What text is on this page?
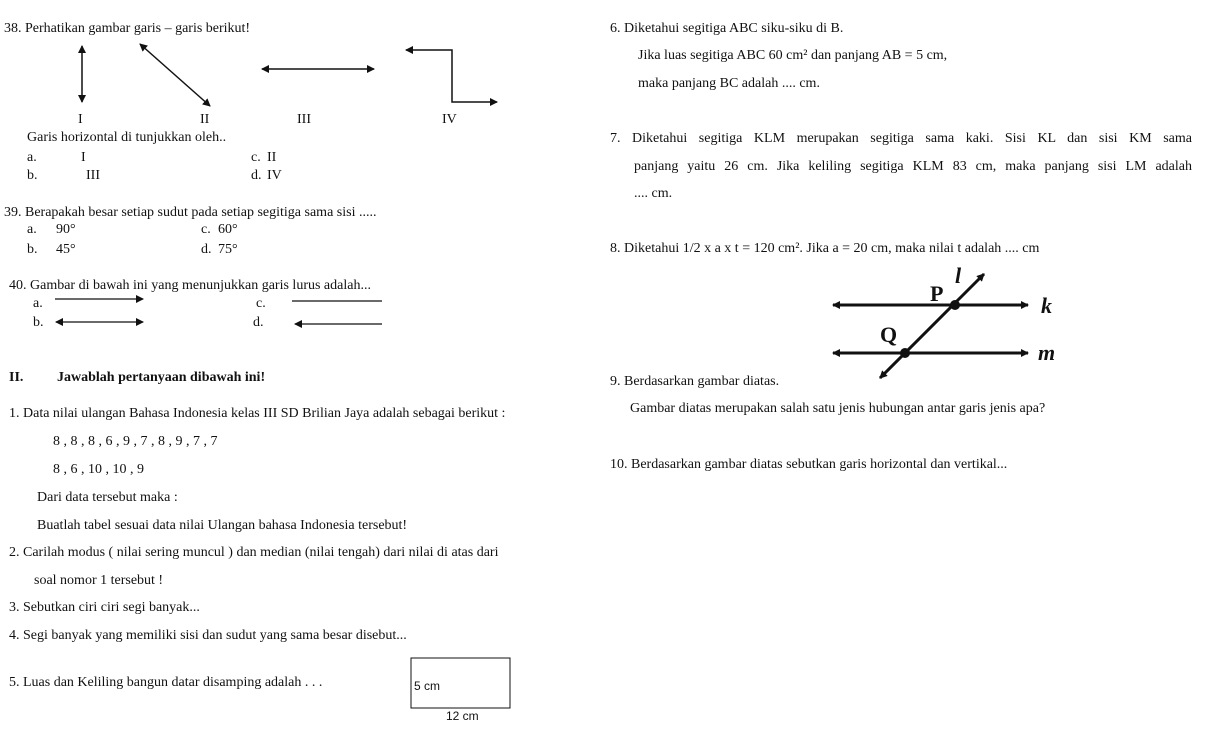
38. Perhatikan gambar garis – garis berikut!
I	II	III	IV
Garis horizontal di tunjukkan oleh..
a.	I	c. II
b.	III	d. IV
39. Berapakah besar setiap sudut pada setiap segitiga sama sisi .....
a. 90°	c. 60°
b. 45°	d. 75°
40. Gambar di bawah ini yang menunjukkan garis lurus adalah...
a.	c.
b.	d.
II. Jawablah pertanyaan dibawah ini!
1. Data nilai ulangan Bahasa Indonesia kelas III SD Brilian Jaya adalah sebagai berikut :
8 , 8 , 8 , 6 , 9 , 7 , 8 , 9 , 7 , 7
8 , 6 , 10 , 10 , 9
Dari data tersebut maka :
Buatlah tabel sesuai data nilai Ulangan bahasa Indonesia tersebut!
2. Carilah modus ( nilai sering muncul ) dan median (nilai tengah) dari nilai di atas dari
soal nomor 1 tersebut !
3. Sebutkan ciri ciri segi banyak...
4. Segi banyak yang memiliki sisi dan sudut yang sama besar disebut...
5. Luas dan Keliling bangun datar disamping adalah . . .	5 cm
12 cm
6. Diketahui segitiga ABC siku-siku di B.
Jika luas segitiga ABC 60 cm² dan panjang AB = 5 cm,
maka panjang BC adalah .... cm.
7. Diketahui segitiga KLM merupakan segitiga sama kaki. Sisi KL dan sisi KM sama
panjang yaitu 26 cm. Jika keliling segitiga KLM 83 cm, maka panjang sisi LM adalah
.... cm.
8. Diketahui 1/2 x a x t = 120 cm². Jika a = 20 cm, maka nilai t adalah .... cm
P
Q
l
k
m
9. Berdasarkan gambar diatas.
Gambar diatas merupakan salah satu jenis hubungan antar garis jenis apa?
10. Berdasarkan gambar diatas sebutkan garis horizontal dan vertikal...
